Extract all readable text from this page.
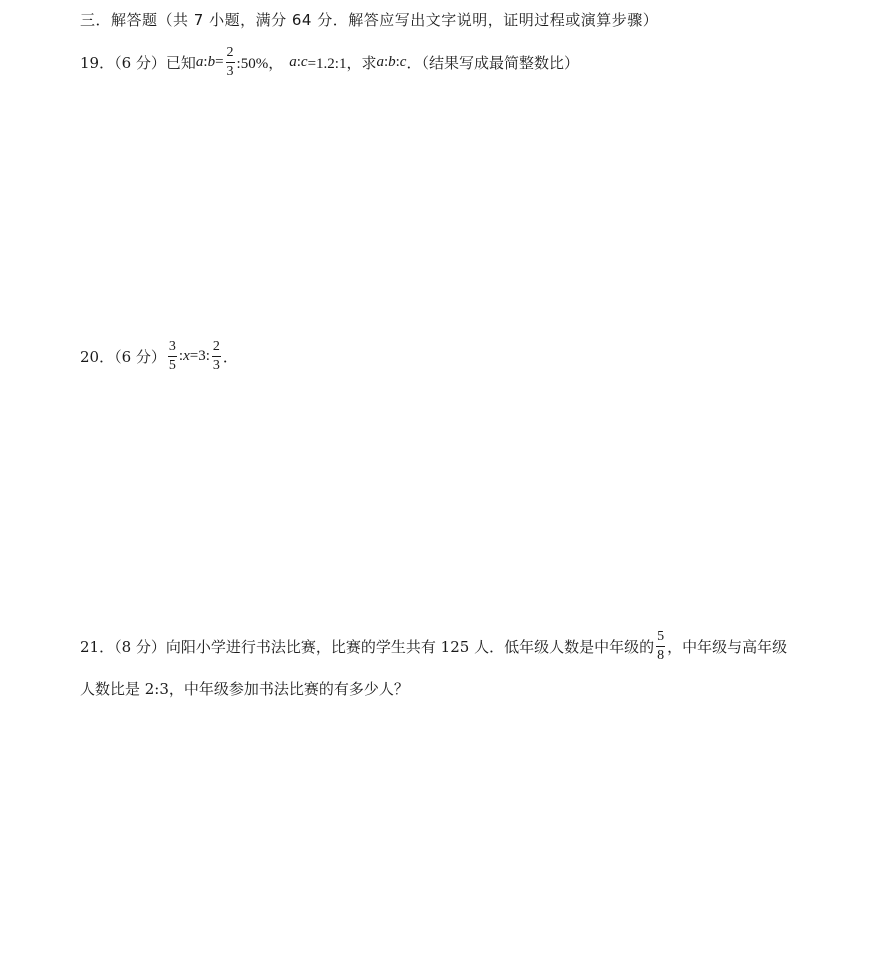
三．解答题（共 7 小题，满分 64 分．解答应写出文字说明，证明过程或演算步骤）
19．（6 分）已知 a : $b = \frac{2}{3}$ :50%， a : c =1.2:1，求 a : b : c ．（结果写成最简整数比）
20．（6 分） $\frac{3}{5}$ : x =3: $\frac{2}{3}$ ．
21．（8 分）向阳小学进行书法比赛，比赛的学生共有 125 人．低年级人数是中年级的 $\frac{5}{8}$ ，中年级与高年级
人数比是 2:3，中年级参加书法比赛的有多少人？
